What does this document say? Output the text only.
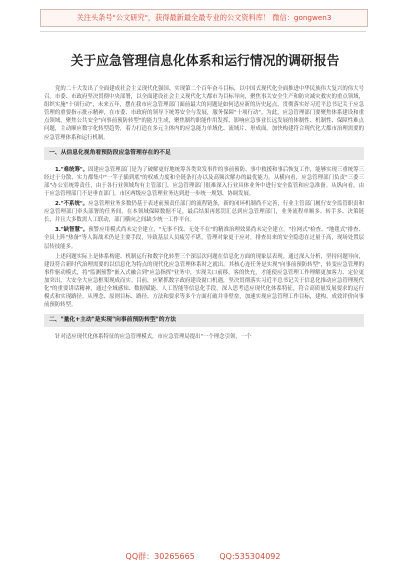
关注头条号"公文研究"，获得最新最全最专业的公文资料库！ 微信：gongwen3
关于应急管理信息化体系和运行情况的调研报告

党的二十大发出了全面建成社会主义现代化强国、实现第二个百年奋斗目标，以中国式现代化全面推进中华民族伟大复兴的伟大号召。市委、市政府坚决贯彻中央部署，以全面建设社会主义现代化大都市为目标导向，聚焦事关安全生产和防灾减灾救灾的重点领域，组织实施"十项行动"，未来五年，摆在我市应急管理部门面前最大的问题是如何适应新的历史起点，贯彻落实好习近平总书记关于应急管理的重要指示批示精神，在市委、市政府的领导下统筹安全与发展，服务保障"十项行动"。为此，应急管理部门要聚焦体系建设和重点领域，聚焦公共安全"向事前预防转型"的能力生成，聚焦制约职能作用发挥、影响应急事业长远发展的体制性、机制性、保障性难点问题，主动顺应数字化转型趋势，着力打造在多元主体内的应急能力单域化、流域片、形成面。加快构建符合现代化大都市治理需要的应急管理体系和运行机制。

一、从信息化视角看预防段应急管理存在的不足

1."难统筹"。固建应急管理部门是为了破解更好地统筹各类突发事件的事前预防、事中救援和事后恢复工作，能够实现三重统筹三经过于分散、实力都集中"一竿子插到底"的权威力度和全链条打办以及高频次解办的最优能力。从横向看，应急管理部门负责"三委三部"办公室统筹责任，由于各行业领域均有主管部门，应急管理部门很难深入行业具体业务中进行安全监管和应急准备。从纵向看，由于应急管理部门不是垂直部门，市区两级应急管理业务达到进一步统一规划、协调发展。

2."不系统"。应急管理业务多数仍基于表述前预责任部门的流程链条，新的闭环机制尚不完善，行业主管部门履行安全监管职责和应急管理部门牵头部署的任务间，在本领域保障数据不足，最后结果再惩罚汇总到应急管理部门，业务流程单顺多、转手多、决策链长，并且大多数需人工联动，部门横向之间缺少统一工作平台。

3."缺智慧"。预警应用模式尚未完全建立，"无事不找、无处不在"的精准治理效果尚未完全建立。"拉网式"检查、"地毯式"排查、全员上阵"热备"等人海战术仍是主要手段，导致基层人员疲劳不堪，管理对象更于应对，排查出来的安全隐患在过量于高，现场处置层层传技能多。

上述问题实际上是体系构建、机制运行和数字化转型三个深层次问题在信息化方面的现象层表现。通过深入分析，坚持问题导向，建设符合新时代治理需要的以信息化为特点的现代化应急管理体系时之就出。其核心连任务是实现"向事前预防转型"，转变应急管理的事件驱动模式，将"监测预警"嵌入式融合到"应急指挥"业务中，实现关口前移，客的快充，才能使应急管理工作理解更加客力、定位更加突出，大安全大应急框架现成而实。目前，应紧抓数字政府建设窗口机遇，坚决贯彻落实习近平总书记关于信息化推动应急管理现代化"的重要讲话精神，通过全域感知、数据赋能、人工智能等信息化手段，深入思考适应现代化体系特征，符合高质量发展要求的运行模式和实现路径。从理念、原则目标、路径、方法和要求等多个方面打破并非壁垒，加速实现应急管理工作目标，建构、成效评价向事前预防转型。

二、"量化+主动"是实现"向事前预防转型"的方法

针对适应现代化体系特征的应急管理模式，市应急管理局提出"一个理念引领，一个

QQ群：30265665	QQ:535304092
